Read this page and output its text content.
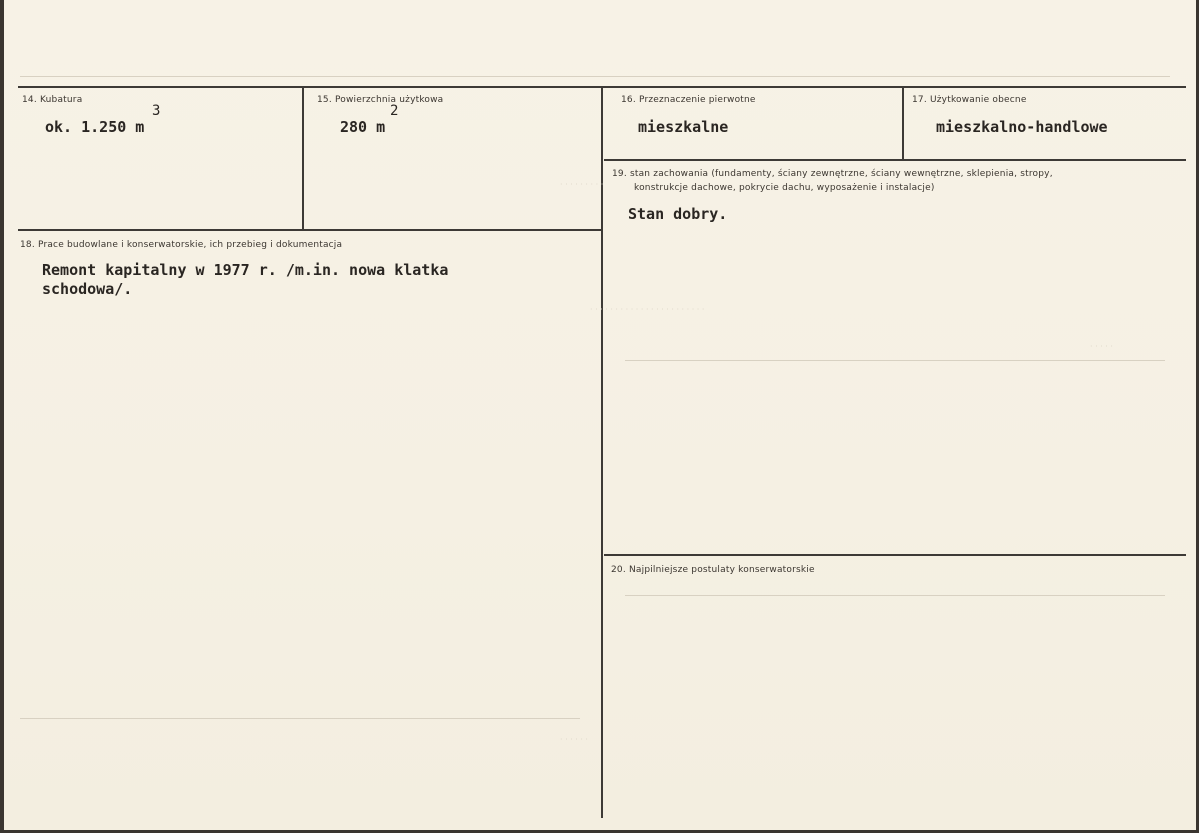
· · · · · · · · ·
· · · · · · · · · · · · · · · · · · · · · · ·
· · · · ·
· · · · · ·
14. Kubatura
ok. 1.250 m
3
15. Powierzchnia użytkowa
280 m
2
16. Przeznaczenie pierwotne
mieszkalne
17. Użytkowanie obecne
mieszkalno-handlowe
19. stan zachowania (fundamenty, ściany zewnętrzne, ściany wewnętrzne, sklepienia, stropy,
konstrukcje dachowe, pokrycie dachu, wyposażenie i instalacje)
Stan dobry.
18. Prace budowlane i konserwatorskie, ich przebieg i dokumentacja
Remont kapitalny w 1977 r. /m.in. nowa klatka
schodowa/.
20. Najpilniejsze postulaty konserwatorskie
